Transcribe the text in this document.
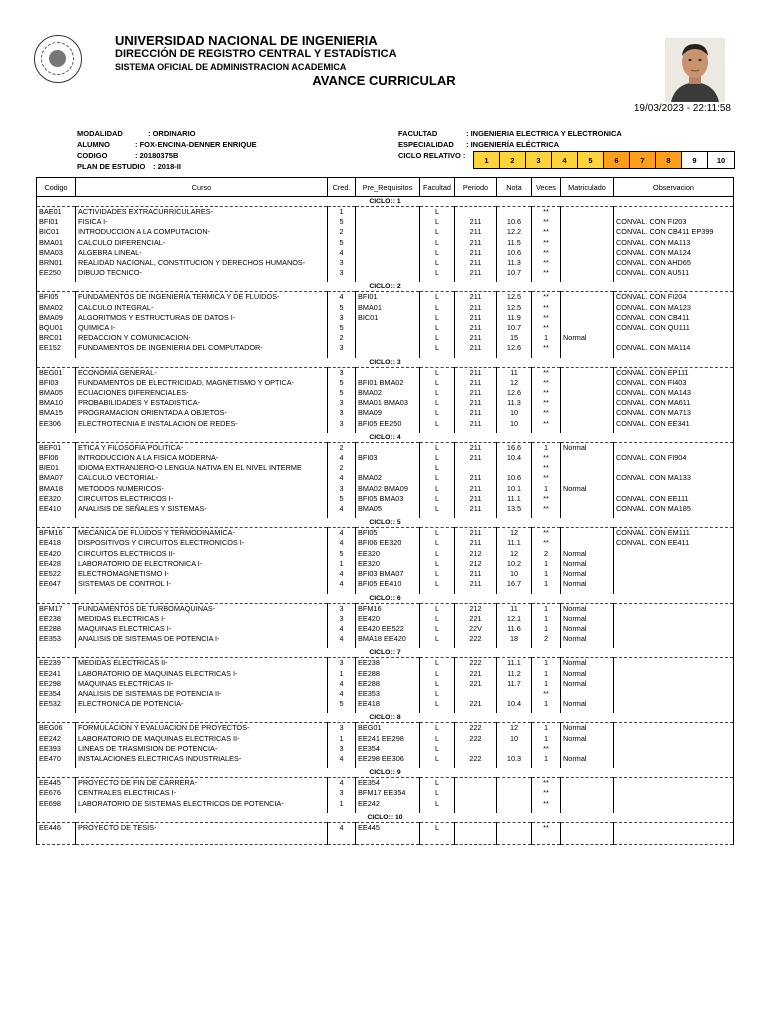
UNIVERSIDAD NACIONAL DE INGENIERIA
DIRECCIÓN DE REGISTRO CENTRAL Y ESTADÍSTICA
SISTEMA OFICIAL DE ADMINISTRACION ACADEMICA
AVANCE CURRICULAR
19/03/2023 - 22:11:58
MODALIDAD	: ORDINARIO
ALUMNO	: FOX-ENCINA-DENNER ENRIQUE
CODIGO	: 20180375B
PLAN DE ESTUDIO : 2018-II
FACULTAD	: INGENIERIA ELECTRICA Y ELECTRONICA
ESPECIALIDAD : INGENIERÍA ELÉCTRICA
CICLO RELATIVO :	1	2	3	4	5	6	7	8	9	10
Codigo	Curso	Cred.	Pre_Requisitos	Facultad	Periodo	Nota	Veces	Matriculado	Observacion
CICLO:: 1									
BAE01	ACTIVIDADES EXTRACURRICULARES-	1		L			**		
BFI01	FISICA I-	5		L	211	10.6	**		CONVAL. CON FI203
BIC01	INTRODUCCION A LA COMPUTACION-	2		L	211	12.2	**		CONVAL. CON CB411 EP399
BMA01	CALCULO DIFERENCIAL-	5		L	211	11.5	**		CONVAL. CON MA113
BMA03	ALGEBRA LINEAL-	4		L	211	10.6	**		CONVAL. CON MA124
BRN01	REALIDAD NACIONAL, CONSTITUCION Y DERECHOS HUMANOS-	3		L	211	11.3	**		CONVAL. CON AHD65
EE250	DIBUJO TECNICO-	3		L	211	10.7	**		CONVAL. CON AU511

CICLO:: 2									
BFI05	FUNDAMENTOS DE INGENIERIA TERMICA Y DE FLUIDOS-	4	BFI01	L	211	12.5	**		CONVAL. CON FI204
BMA02	CALCULO INTEGRAL-	5	BMA01	L	211	12.5	**		CONVAL. CON MA123
BMA09	ALGORITMOS Y ESTRUCTURAS DE DATOS I-	3	BIC01	L	211	11.9	**		CONVAL. CON CB411
BQU01	QUIMICA I-	5		L	211	10.7	**		CONVAL. CON QU111
BRC01	REDACCION Y COMUNICACION-	2		L	211	15	1	Normal	
EE152	FUNDAMENTOS DE INGENIERIA DEL COMPUTADOR-	3		L	211	12.6	**		CONVAL. CON MA114

CICLO:: 3									
BEG01	ECONOMIA GENERAL-	3		L	211	11	**		CONVAL. CON EP111
BFI03	FUNDAMENTOS DE ELECTRICIDAD, MAGNETISMO Y OPTICA-	5	BFI01 BMA02	L	211	12	**		CONVAL. CON FI403
BMA05	ECUACIONES DIFERENCIALES-	5	BMA02	L	211	12.6	**		CONVAL. CON MA143
BMA10	PROBABILIDADES Y ESTADISTICA-	3	BMA01 BMA03	L	211	11.3	**		CONVAL. CON MA611
BMA15	PROGRAMACION ORIENTADA A OBJETOS-	3	BMA09	L	211	10	**		CONVAL. CON MA713
EE306	ELECTROTECNIA E INSTALACION DE REDES-	3	BFI05 EE250	L	211	10	**		CONVAL. CON EE341

CICLO:: 4									
BEF01	ETICA Y FILOSOFIA POLITICA-	2		L	211	16.6	1	Normal	
BFI06	INTRODUCCION A LA FISICA MODERNA-	4	BFI03	L	211	10.4	**		CONVAL. CON FI904
BIE01	IDIOMA EXTRANJERO-O LENGUA NATIVA EN EL NIVEL INTERME	2		L			**		
BMA07	CALCULO VECTORIAL-	4	BMA02	L	211	10.6	**		CONVAL. CON MA133
BMA18	METODOS NUMERICOS-	3	BMA02 BMA09	L	211	10.1	1	Normal	
EE320	CIRCUITOS ELECTRICOS I-	5	BFI05 BMA03	L	211	11.1	**		CONVAL. CON EE111
EE410	ANALISIS DE SEÑALES Y SISTEMAS-	4	BMA05	L	211	13.5	**		CONVAL. CON MA185

CICLO:: 5									
BFM16	MECANICA DE FLUIDOS Y TERMODINAMICA-	4	BFI05	L	211	12	**		CONVAL. CON EM111
EE418	DISPOSITIVOS Y CIRCUITOS ELECTRONICOS I-	4	BFI06 EE320	L	211	11.1	**		CONVAL. CON EE411
EE420	CIRCUITOS ELECTRICOS II-	5	EE320	L	212	12	2	Normal	
EE428	LABORATORIO DE ELECTRONICA I-	1	EE320	L	212	10.2	1	Normal	
EE522	ELECTROMAGNETISMO I-	4	BFI03 BMA07	L	211	10	1	Normal	
EE647	SISTEMAS DE CONTROL I-	4	BFI05 EE410	L	211	16.7	1	Normal	

CICLO:: 6									
BFM17	FUNDAMENTOS DE TURBOMAQUINAS-	3	BFM16	L	212	11	1	Normal	
EE238	MEDIDAS ELECTRICAS I-	3	EE420	L	221	12.1	1	Normal	
EE288	MAQUINAS ELECTRICAS I-	4	EE420 EE522	L	22V	11.6	1	Normal	
EE353	ANALISIS DE SISTEMAS DE POTENCIA I-	4	BMA18 EE420	L	222	18	2	Normal	

CICLO:: 7									
EE239	MEDIDAS ELECTRICAS II-	3	EE238	L	222	11.1	1	Normal	
EE241	LABORATORIO DE MAQUINAS ELECTRICAS I-	1	EE288	L	221	11.2	1	Normal	
EE298	MAQUINAS ELECTRICAS II-	4	EE288	L	221	11.7	1	Normal	
EE354	ANALISIS DE SISTEMAS DE POTENCIA II-	4	EE353	L			**		
EE532	ELECTRONICA DE POTENCIA-	5	EE418	L	221	10.4	1	Normal	

CICLO:: 8									
BEG06	FORMULACION Y EVALUACION DE PROYECTOS-	3	BEG01	L	222	12	1	Normal	
EE242	LABORATORIO DE MAQUINAS ELECTRICAS II-	1	EE241 EE298	L	222	10	1	Normal	
EE393	LINEAS DE TRASMISION DE POTENCIA-	3	EE354	L			**		
EE470	INSTALACIONES ELECTRICAS INDUSTRIALES-	4	EE298 EE306	L	222	10.3	1	Normal	

CICLO:: 9									
EE445	PROYECTO DE FIN DE CARRERA-	4	EE354	L			**		
EE676	CENTRALES ELECTRICAS I-	3	BFM17 EE354	L			**		
EE698	LABORATORIO DE SISTEMAS ELECTRICOS DE POTENCIA-	1	EE242	L			**		

CICLO:: 10									
EE446	PROYECTO DE TESIS-	4	EE445	L			**		
